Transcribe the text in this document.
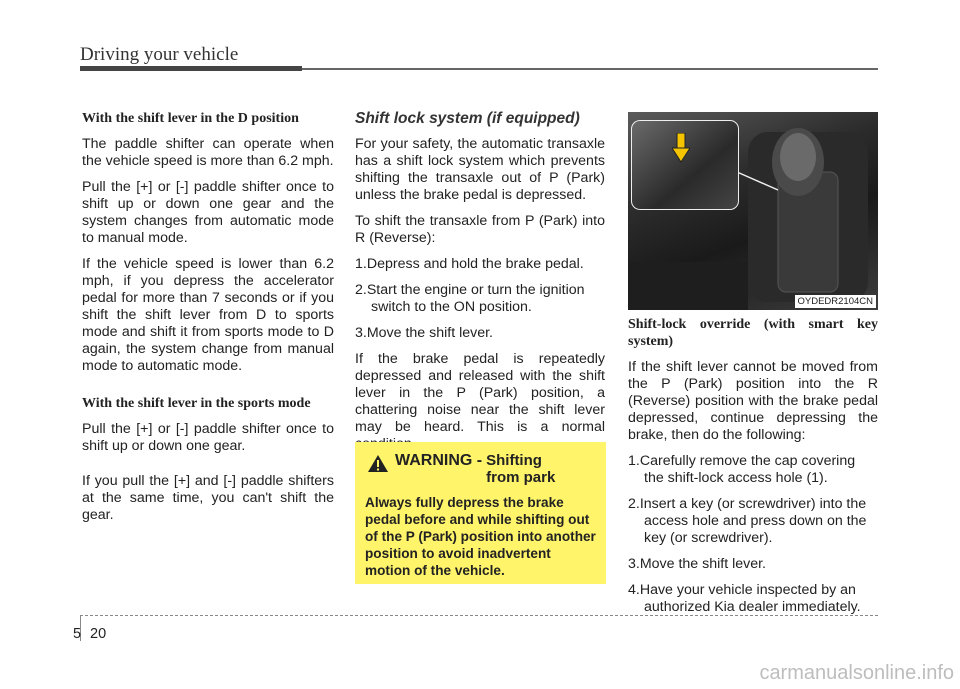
Driving your vehicle

With the shift lever in the D position

The paddle shifter can operate when the vehicle speed is more than 6.2 mph.

Pull the [+] or [-] paddle shifter once to shift up or down one gear and the system changes from automatic mode to manual mode.

If the vehicle speed is lower than 6.2 mph, if you depress the accelerator pedal for more than 7 seconds or if you shift the shift lever from D to sports mode and shift it from sports mode to D again, the system change from manual mode to automatic mode.

With the shift lever in the sports mode

Pull the [+] or [-] paddle shifter once to shift up or down one gear.

If you pull the [+] and [-] paddle shifters at the same time, you can't shift the gear.

Shift lock system (if equipped)

For your safety, the automatic transaxle has a shift lock system which prevents shifting the transaxle out of P (Park) unless the brake pedal is depressed.

To shift the transaxle from P (Park) into R (Reverse):

1.Depress and hold the brake pedal.

2.Start the engine or turn the ignition switch to the ON position.

3.Move the shift lever.

If the brake pedal is repeatedly depressed and released with the shift lever in the P (Park) position, a chattering noise near the shift lever may be heard. This is a normal

WARNING - Shifting from park

Always fully depress the brake pedal before and while shifting out of the P (Park) position into another position to avoid inadvertent motion of the vehicle.

OYDEDR2104CN

Shift-lock override (with smart key system)

If the shift lever cannot be moved from the P (Park) position into the R (Reverse) position with the brake pedal depressed, continue depressing the brake, then do the following:

1.Carefully remove the cap covering the shift-lock access hole (1).

2.Insert a key (or screwdriver) into the access hole and press down on the key (or screwdriver).

3.Move the shift lever.

4.Have your vehicle inspected by an authorized Kia dealer immediately.

5 20
carmanualsonline.info
